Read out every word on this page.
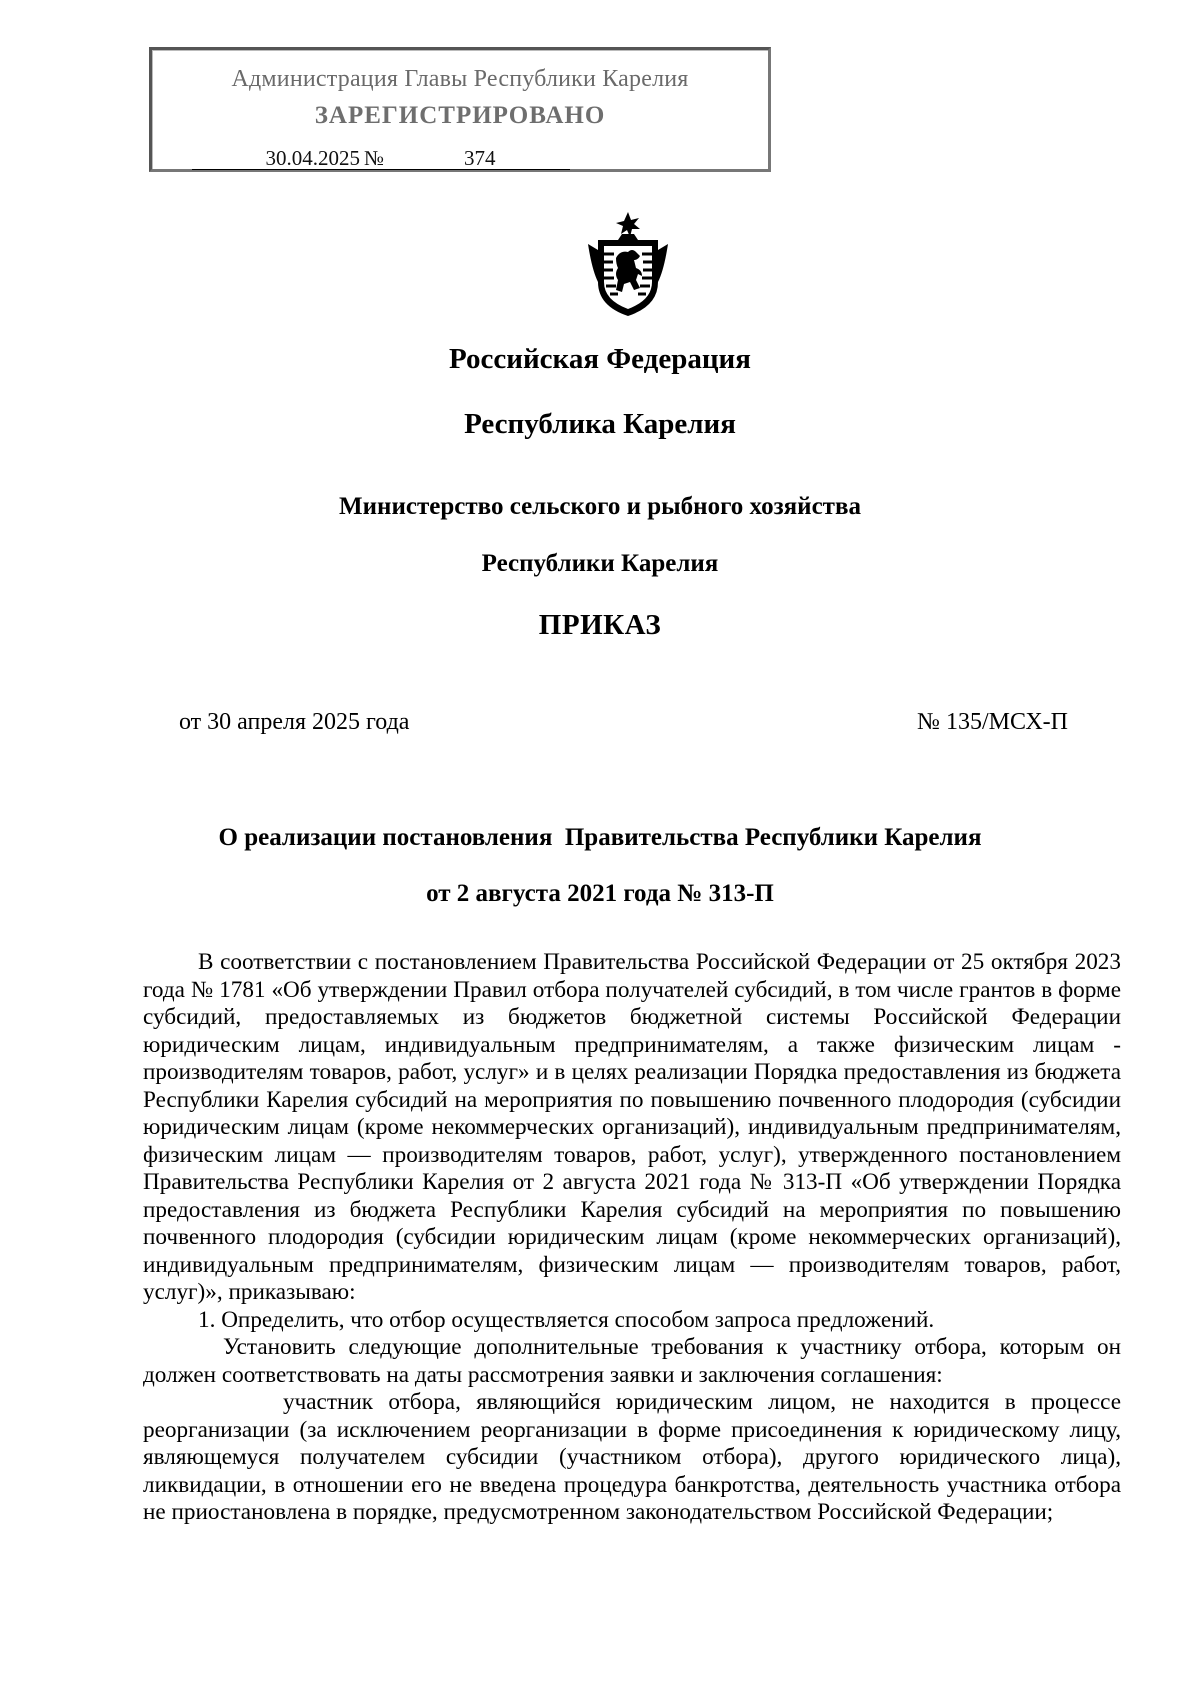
Администрация Главы Республики Карелия
ЗАРЕГИСТРИРОВАНО
30.04.2025 №	374
Российская Федерация
Республика Карелия
Министерство сельского и рыбного хозяйства
Республики Карелия
ПРИКАЗ
от 30 апреля 2025 года	№ 135/МСХ-П
О реализации постановления  Правительства Республики Карелия
от 2 августа 2021 года № 313-П

В соответствии с постановлением Правительства Российской Федерации от 25 октября 2023 года № 1781 «Об утверждении Правил отбора получателей субсидий, в том числе грантов в форме субсидий, предоставляемых из бюджетов бюджетной системы Российской Федерации юридическим лицам, индивидуальным предпринимателям, а также физическим лицам - производителям товаров, работ, услуг» и в целях реализации Порядка предоставления из бюджета Республики Карелия субсидий на мероприятия по повышению почвенного плодородия (субсидии юридическим лицам (кроме некоммерческих организаций), индивидуальным предпринимателям, физическим лицам — производителям товаров, работ, услуг), утвержденного постановлением Правительства Республики Карелия от 2 августа 2021 года № 313-П «Об утверждении Порядка предоставления из бюджета Республики Карелия субсидий на мероприятия по повышению почвенного плодородия (субсидии юридическим лицам (кроме некоммерческих организаций), индивидуальным предпринимателям, физическим лицам — производителям товаров, работ, услуг)», приказываю:

1. Определить, что отбор осуществляется способом запроса предложений.

Установить следующие дополнительные требования к участнику отбора, которым он должен соответствовать на даты рассмотрения заявки и заключения соглашения:

участник отбора, являющийся юридическим лицом, не находится в процессе реорганизации (за исключением реорганизации в форме присоединения к юридическому лицу, являющемуся получателем субсидии (участником отбора), другого юридического лица), ликвидации, в отношении его не введена процедура банкротства, деятельность участника отбора не приостановлена в порядке, предусмотренном законодательством Российской Федерации;
